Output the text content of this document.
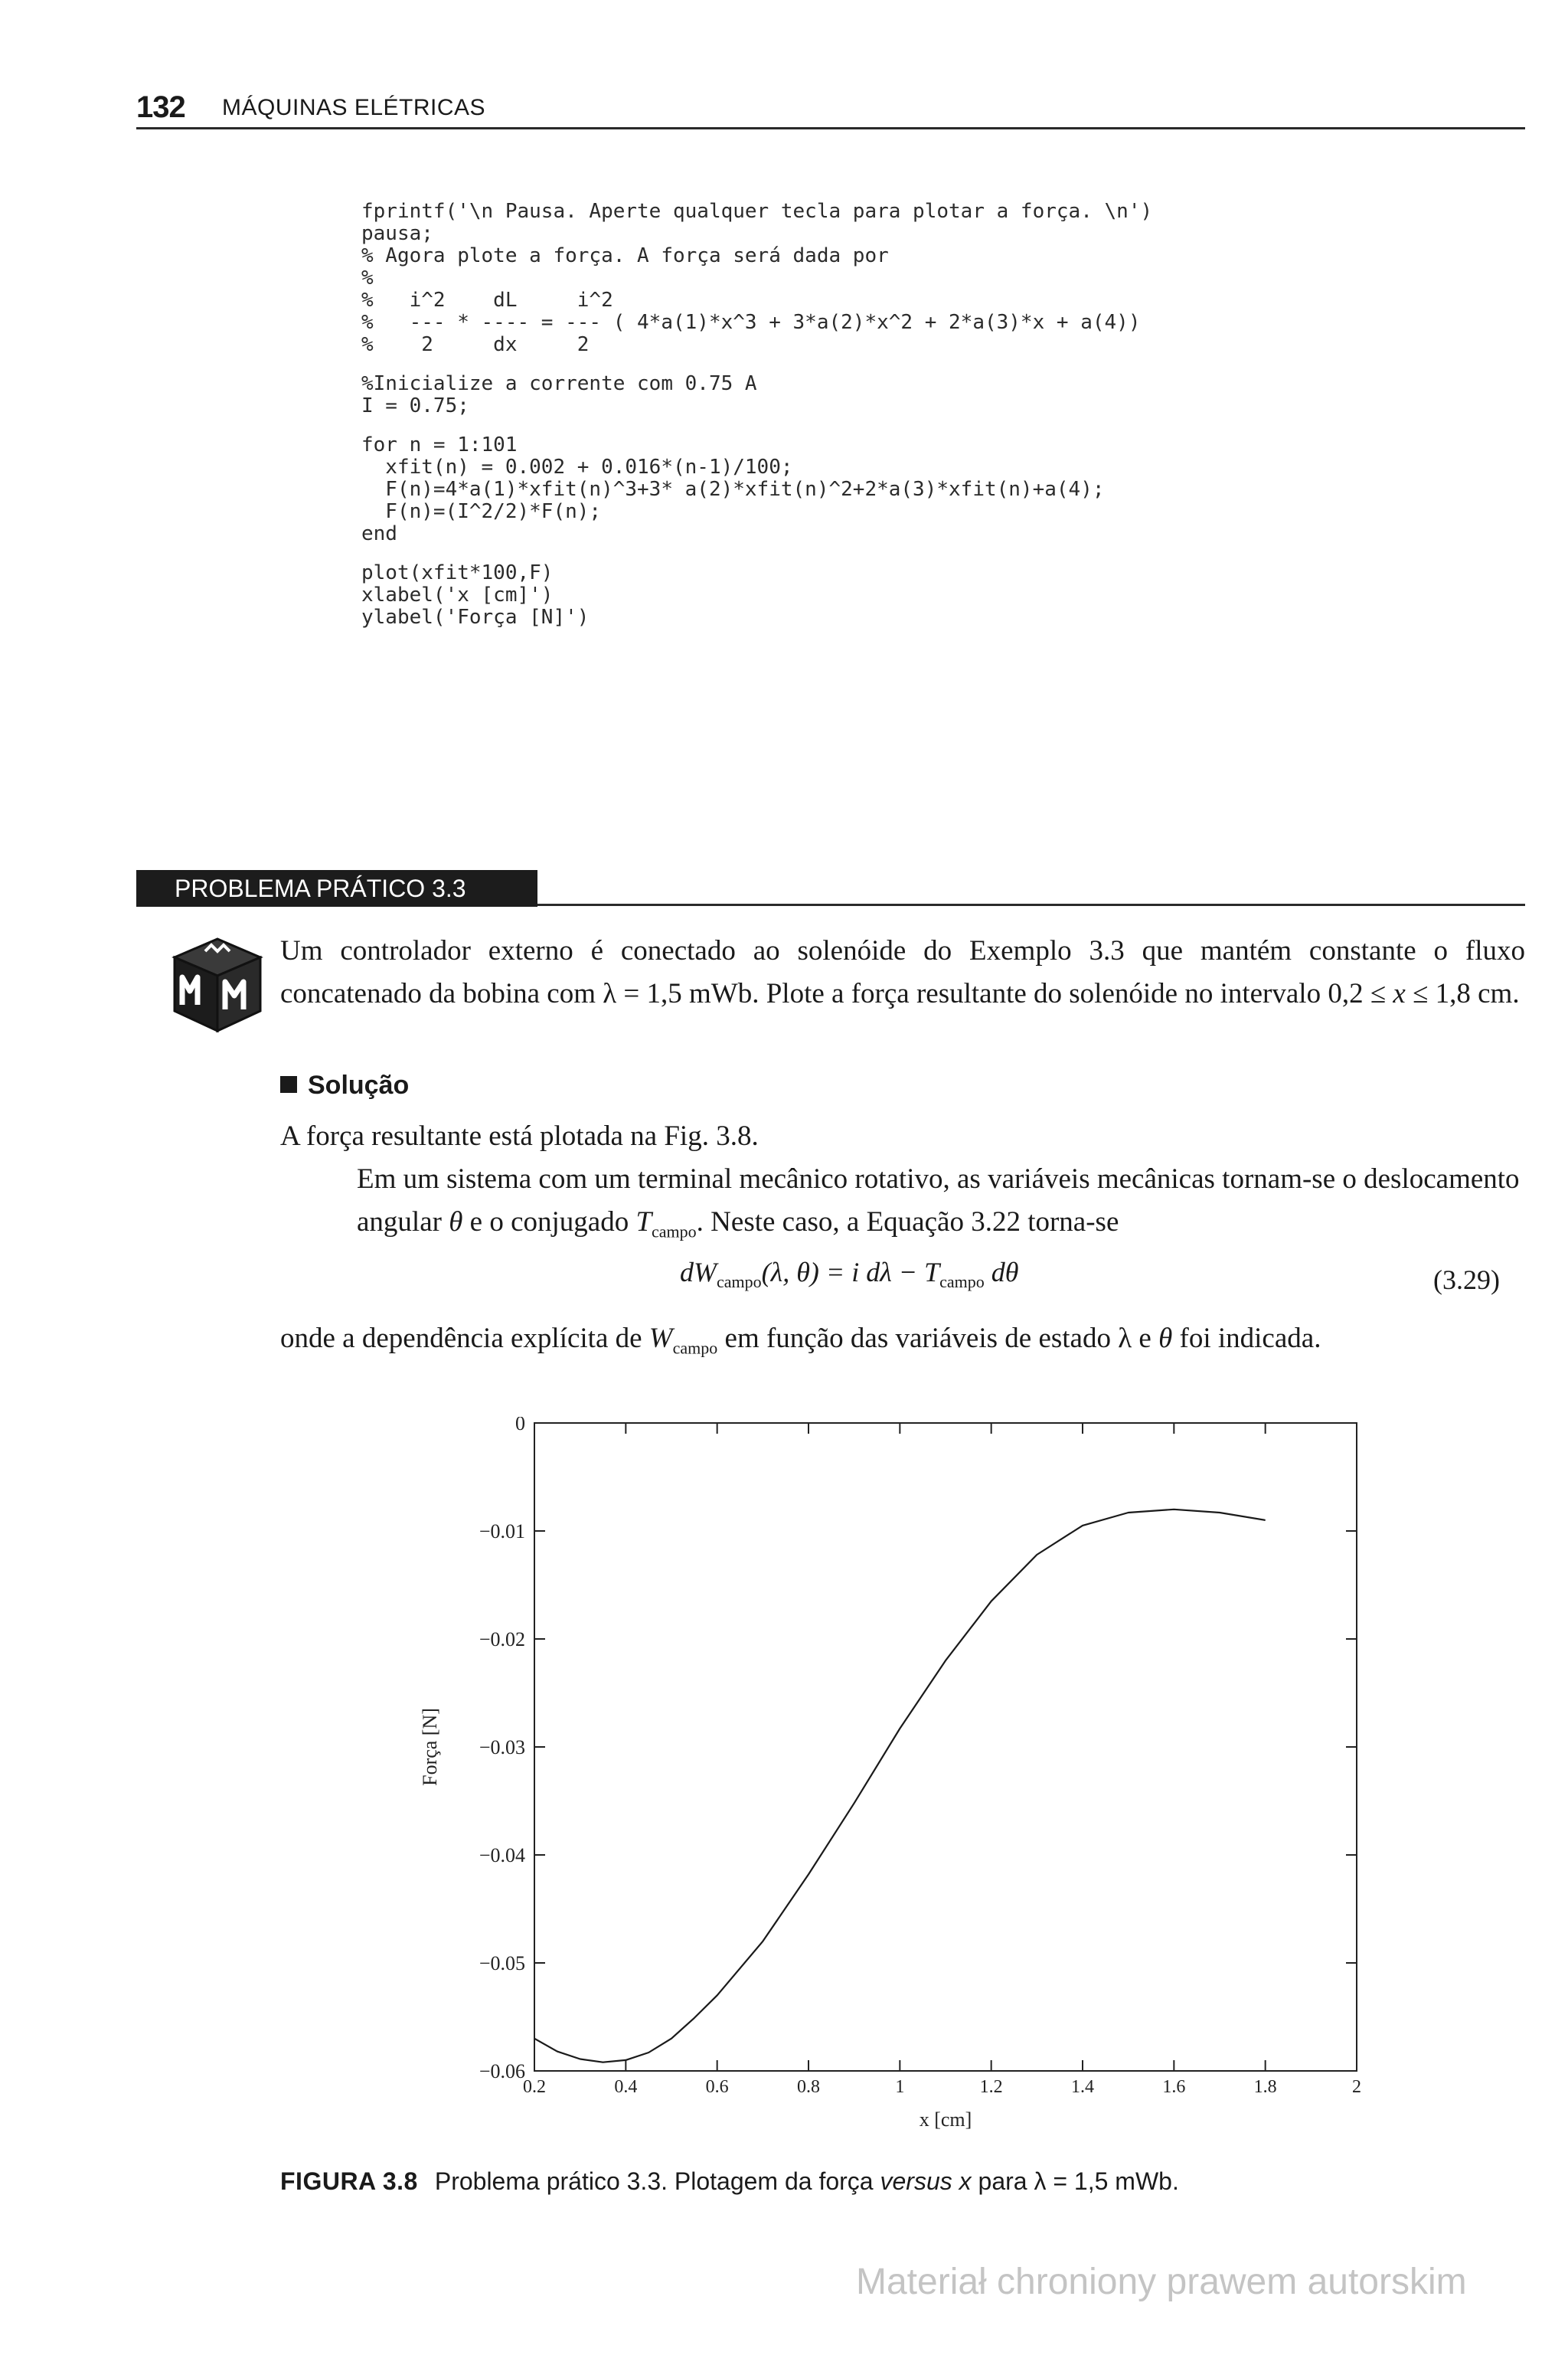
132 MÁQUINAS ELÉTRICAS
fprintf('\n Pausa. Aperte qualquer tecla para plotar a força. \n')
pausa;
% Agora plote a força. A força será dada por
%
%   i^2    dL     i^2
%   --- * ---- = --- ( 4*a(1)*x^3 + 3*a(2)*x^2 + 2*a(3)*x + a(4))
%    2     dx     2
%Inicialize a corrente com 0.75 A
I = 0.75;
for n = 1:101
xfit(n) = 0.002 + 0.016*(n-1)/100;
F(n)=4*a(1)*xfit(n)^3+3* a(2)*xfit(n)^2+2*a(3)*xfit(n)+a(4);
F(n)=(I^2/2)*F(n);
end
plot(xfit*100,F)
xlabel('x [cm]')
ylabel('Força [N]')
PROBLEMA PRÁTICO 3.3
Um controlador externo é conectado ao solenóide do Exemplo 3.3 que mantém constante o fluxo concatenado da bobina com λ = 1,5 mWb. Plote a força resultante do solenóide no intervalo 0,2 ≤ x ≤ 1,8 cm.
Solução
A força resultante está plotada na Fig. 3.8.
Em um sistema com um terminal mecânico rotativo, as variáveis mecânicas tornam-se o deslocamento angular θ e o conjugado $T_{campo}$. Neste caso, a Equação 3.22 torna-se
$dW_{campo}(\lambda$, θ) = i $d\lambda - T_{campo}$ dθ	(3.29)
onde a dependência explícita de $W_{campo}$ em função das variáveis de estado λ e θ foi indicada.
0.2	0.4	0.6	0.8	1	1.2	1.4	1.6	1.8	2
0
−0.01
−0.02
−0.03
−0.04
−0.05
−0.06
x [cm]
Força [N]
FIGURA 3.8 Problema prático 3.3. Plotagem da força versus x para λ = 1,5 mWb.
Materiał chroniony prawem autorskim
